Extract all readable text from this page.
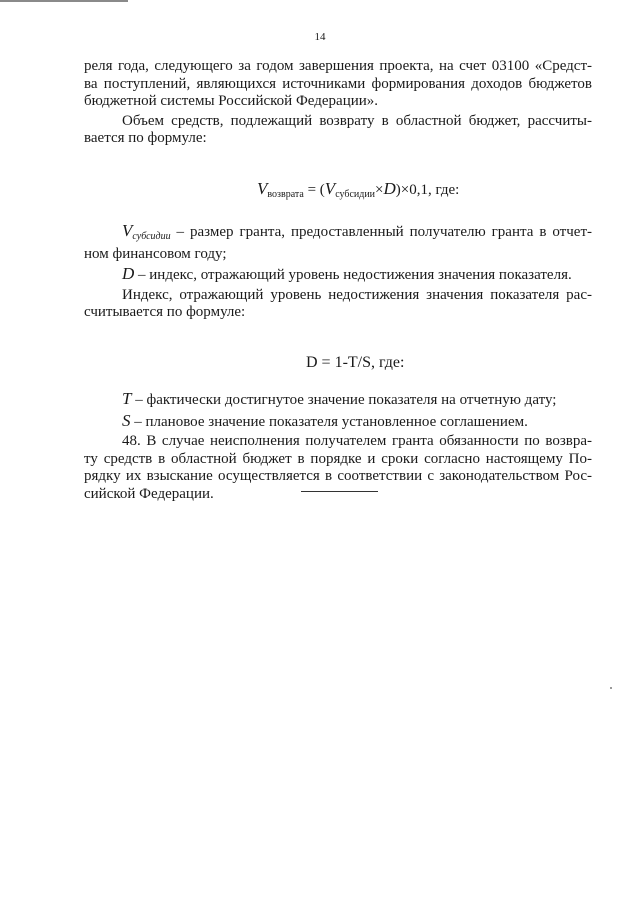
14
реля года, следующего за годом завершения проекта, на счет 03100 «Средст-
ва поступлений, являющихся источниками формирования доходов бюджетов
бюджетной системы Российской Федерации».
Объем средств, подлежащий возврату в областной бюджет, рассчиты-
вается по формуле:
$V_{возврата} = (V_{субсидии}\times D)\times 0,1$, где:
$V_{субсидии}$ – размер гранта, предоставленный получателю гранта в отчет-
ном финансовом году;
D – индекс, отражающий уровень недостижения значения показателя.
Индекс, отражающий уровень недостижения значения показателя рас-
считывается по формуле:
D = 1-T/S, где:
T – фактически достигнутое значение показателя на отчетную дату;
S – плановое значение показателя установленное соглашением.
48. В случае неисполнения получателем гранта обязанности по возвра-
ту средств в областной бюджет в порядке и сроки согласно настоящему По-
рядку их взыскание осуществляется в соответствии с законодательством Рос-
сийской Федерации.
